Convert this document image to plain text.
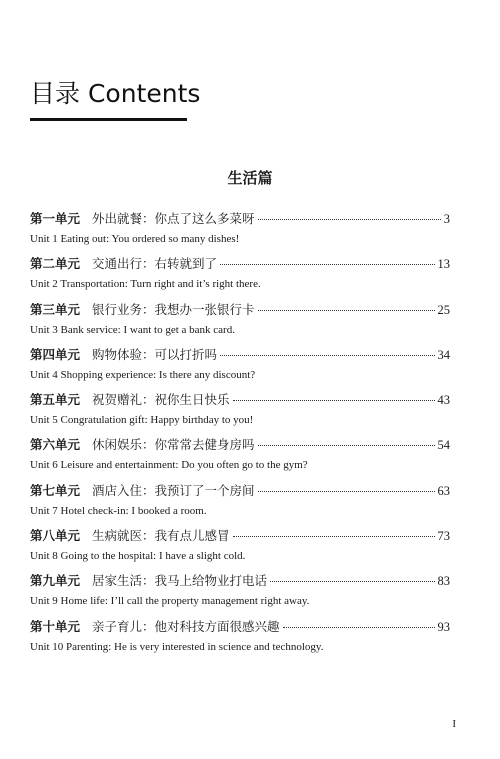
目录 Contents
生活篇
第一单元 外出就餐：你点了这么多菜呀	3
Unit 1 Eating out: You ordered so many dishes!
第二单元 交通出行：右转就到了	13
Unit 2 Transportation: Turn right and it’s right there.
第三单元 银行业务：我想办一张银行卡	25
Unit 3 Bank service: I want to get a bank card.
第四单元 购物体验：可以打折吗	34
Unit 4 Shopping experience: Is there any discount?
第五单元 祝贺赠礼：祝你生日快乐	43
Unit 5 Congratulation gift: Happy birthday to you!
第六单元 休闲娱乐：你常常去健身房吗	54
Unit 6 Leisure and entertainment: Do you often go to the gym?
第七单元 酒店入住：我预订了一个房间	63
Unit 7 Hotel check-in: I booked a room.
第八单元 生病就医：我有点儿感冒	73
Unit 8 Going to the hospital: I have a slight cold.
第九单元 居家生活：我马上给物业打电话	83
Unit 9 Home life: I’ll call the property management right away.
第十单元 亲子育儿：他对科技方面很感兴趣	93
Unit 10 Parenting: He is very interested in science and technology.
I
